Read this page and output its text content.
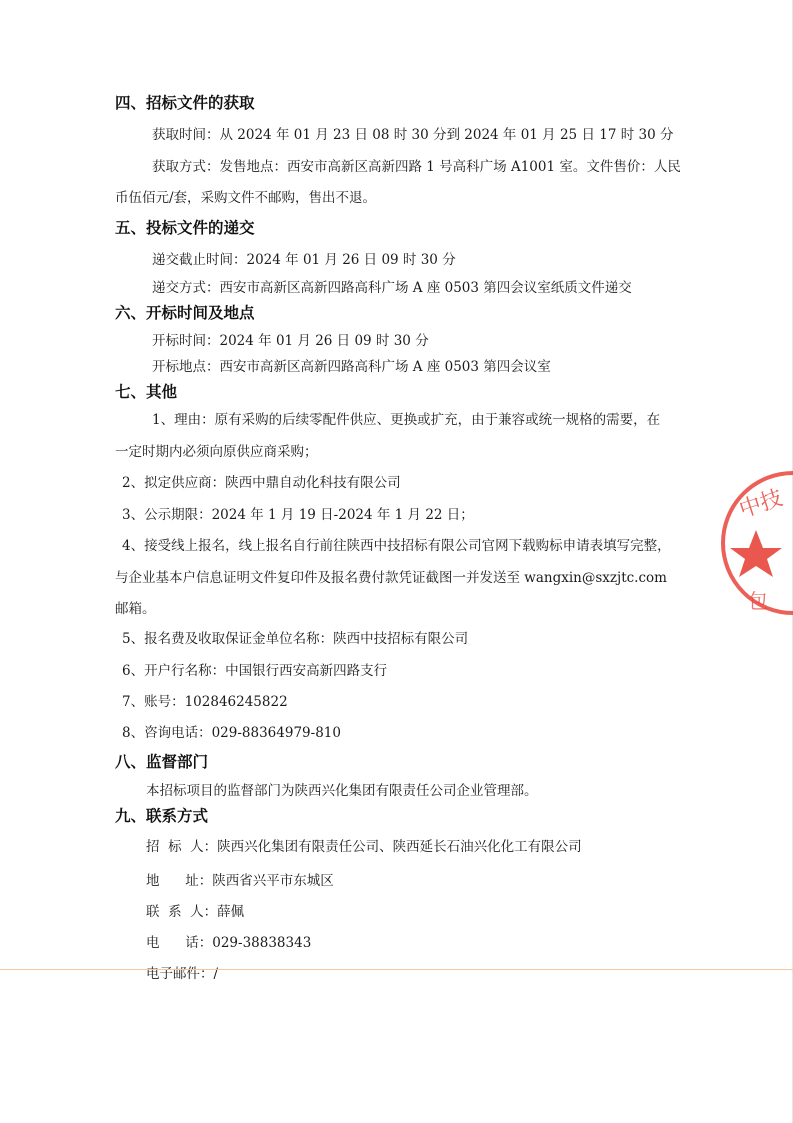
四、招标文件的获取
获取时间：从 2024 年 01 月 23 日 08 时 30 分到 2024 年 01 月 25 日 17 时 30 分
获取方式：发售地点：西安市高新区高新四路 1 号高科广场 A1001 室。文件售价：人民
币伍佰元/套，采购文件不邮购，售出不退。
五、投标文件的递交
递交截止时间：2024 年 01 月 26 日 09 时 30 分
递交方式：西安市高新区高新四路高科广场 A 座 0503 第四会议室纸质文件递交
六、开标时间及地点
开标时间：2024 年 01 月 26 日 09 时 30 分
开标地点：西安市高新区高新四路高科广场 A 座 0503 第四会议室
七、其他
1、理由：原有采购的后续零配件供应、更换或扩充，由于兼容或统一规格的需要，在
一定时期内必须向原供应商采购；
2、拟定供应商：陕西中鼎自动化科技有限公司
3、公示期限：2024 年 1 月 19 日-2024 年 1 月 22 日；
4、接受线上报名，线上报名自行前往陕西中技招标有限公司官网下载购标申请表填写完整，
与企业基本户信息证明文件复印件及报名费付款凭证截图一并发送至 wangxin@sxzjtc.com
邮箱。
5、报名费及收取保证金单位名称：陕西中技招标有限公司
6、开户行名称：中国银行西安高新四路支行
7、账号：102846245822
8、咨询电话：029-88364979-810
八、监督部门
本招标项目的监督部门为陕西兴化集团有限责任公司企业管理部。
九、联系方式
招  标  人：陕西兴化集团有限责任公司、陕西延长石油兴化化工有限公司
地      址：陕西省兴平市东城区
联  系  人：薛佩
电      话：029-38838343
电子邮件：/
中技
包
